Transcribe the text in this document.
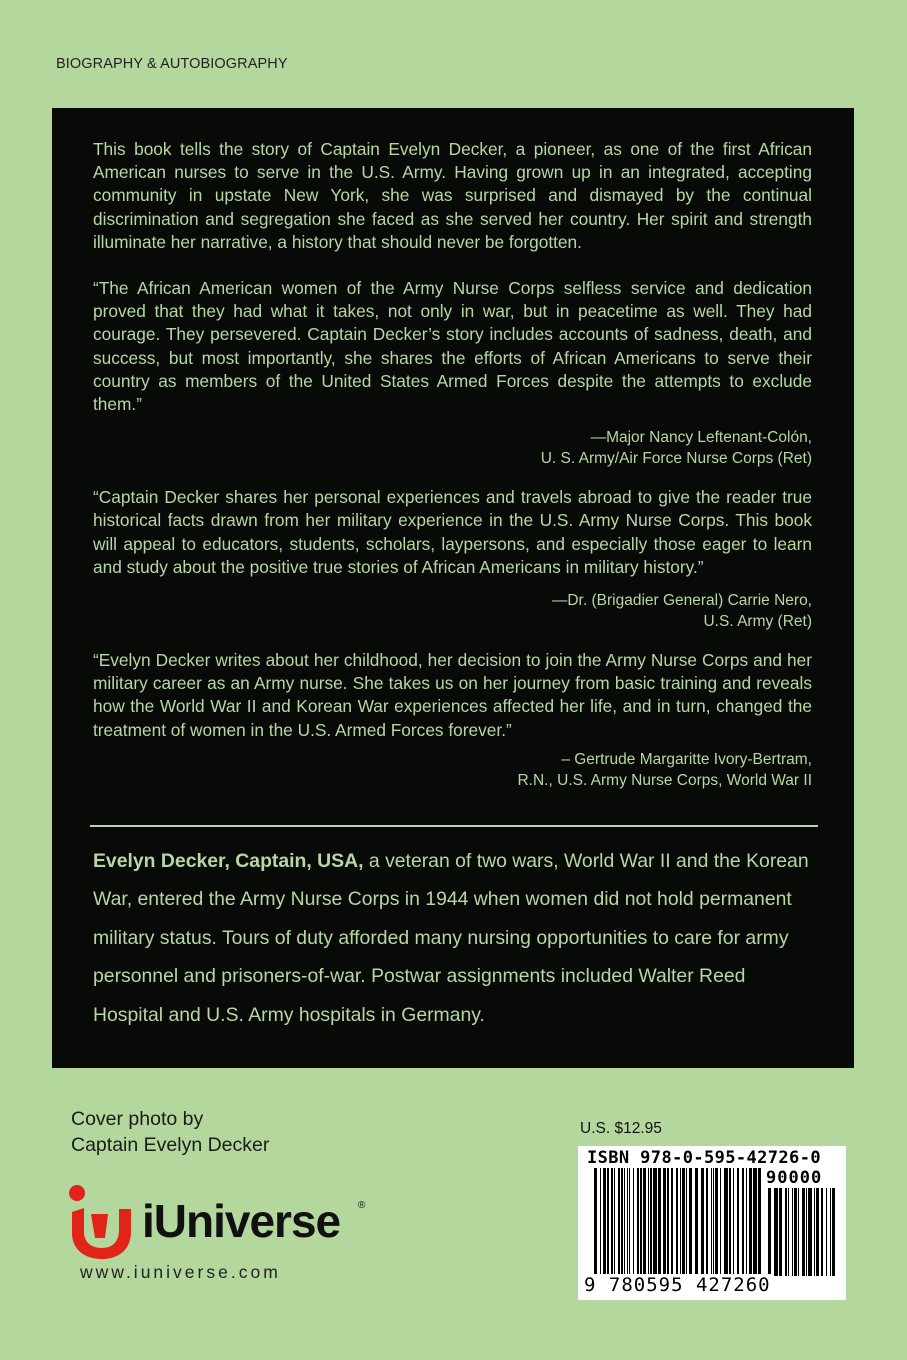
BIOGRAPHY & AUTOBIOGRAPHY

This book tells the story of Captain Evelyn Decker, a pioneer, as one of the first African American nurses to serve in the U.S. Army. Having grown up in an integrated, accepting community in upstate New York, she was surprised and dismayed by the continual discrimination and segregation she faced as she served her country. Her spirit and strength illuminate her narrative, a history that should never be forgotten.

“The African American women of the Army Nurse Corps selfless service and dedication proved that they had what it takes, not only in war, but in peacetime as well. They had courage. They persevered. Captain Decker’s story includes accounts of sadness, death, and success, but most importantly, she shares the efforts of African Americans to serve their country as members of the United States Armed Forces despite the attempts to exclude them.”

—Major Nancy Leftenant-Colón,
U. S. Army/Air Force Nurse Corps (Ret)

“Captain Decker shares her personal experiences and travels abroad to give the reader true historical facts drawn from her military experience in the U.S. Army Nurse Corps. This book will appeal to educators, students, scholars, laypersons, and especially those eager to learn and study about the positive true stories of African Americans in military history.”

—Dr. (Brigadier General) Carrie Nero,
U.S. Army (Ret)

“Evelyn Decker writes about her childhood, her decision to join the Army Nurse Corps and her military career as an Army nurse. She takes us on her journey from basic training and reveals how the World War II and Korean War experiences affected her life, and in turn, changed the treatment of women in the U.S. Armed Forces forever.”

– Gertrude Margaritte Ivory-Bertram,
R.N., U.S. Army Nurse Corps, World War II
Evelyn Decker, Captain, USA, a veteran of two wars, World War II and the Korean War, entered the Army Nurse Corps in 1944 when women did not hold permanent military status. Tours of duty afforded many nursing opportunities to care for army personnel and prisoners-of-war. Postwar assignments included Walter Reed Hospital and U.S. Army hospitals in Germany.
Cover photo by
Captain Evelyn Decker
iUniverse ®
www.iuniverse.com
U.S. $12.95
ISBN 978-0-595-42726-0
90000
9 780595 427260
